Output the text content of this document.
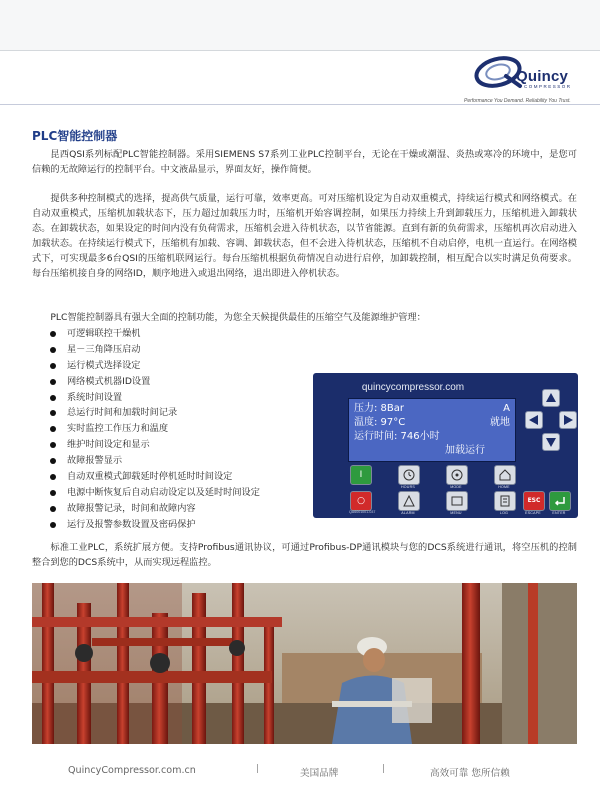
Quincy
COMPRESSOR
Performance You Demand. Reliability You Trust.
PLC智能控制器

昆西QSI系列标配PLC智能控制器。采用SIEMENS S7系列工业PLC控制平台，无论在干燥或潮湿、炎热或寒冷的环境中，是您可信赖的无故障运行的控制平台。中文液晶显示，界面友好，操作简便。

提供多种控制模式的选择，提高供气质量，运行可靠，效率更高。可对压缩机设定为自动双重模式，持续运行模式和网络模式。在自动双重模式，压缩机加载状态下，压力超过加载压力时，压缩机开始容调控制，如果压力持续上升到卸载压力，压缩机进入卸载状态。在卸载状态，如果设定的时间内没有负荷需求，压缩机会进入待机状态，以节省能源。直到有新的负荷需求，压缩机再次启动进入加载状态。在持续运行模式下，压缩机有加载、容调、卸载状态，但不会进入待机状态，压缩机不自动启停，电机一直运行。在网络模式下，可实现最多6台QSI的压缩机联网运行。每台压缩机根据负荷情况自动进行启停，加卸载控制，相互配合以实时满足负荷要求。每台压缩机接自身的网络ID，顺序地进入或退出网络，退出即进入停机状态。

PLC智能控制器具有强大全面的控制功能，为您全天候提供最佳的压缩空气及能源维护管理：

可逻辑联控干燥机
星－三角降压启动
运行模式选择设定
网络模式机器ID设置
系统时间设置
总运行时间和加载时间记录
实时监控工作压力和温度
维护时间设定和显示
故障报警显示
自动双重模式卸载延时停机延时时间设定
电源中断恢复后自动启动设定以及延时时间设定
故障报警记录，时间和故障内容
运行及报警参数设置及密码保护
quincycompressor.com
压力: 8Bar	A
温度: 97°C	就地
运行时间: 746小时
加载运行
I
○
HOURS
ALARM
MODE
MENU
HOME
LOG
ESC
ESCAPE	ENTER
QA6001001-037

标准工业PLC，系统扩展方便。支持Profibus通讯协议，可通过Profibus-DP通讯模块与您的DCS系统进行通讯，将空压机的控制整合到您的DCS系统中，从而实现远程监控。

QuincyCompressor.com.cn	|	美国品牌	|	高效可靠 您所信赖
